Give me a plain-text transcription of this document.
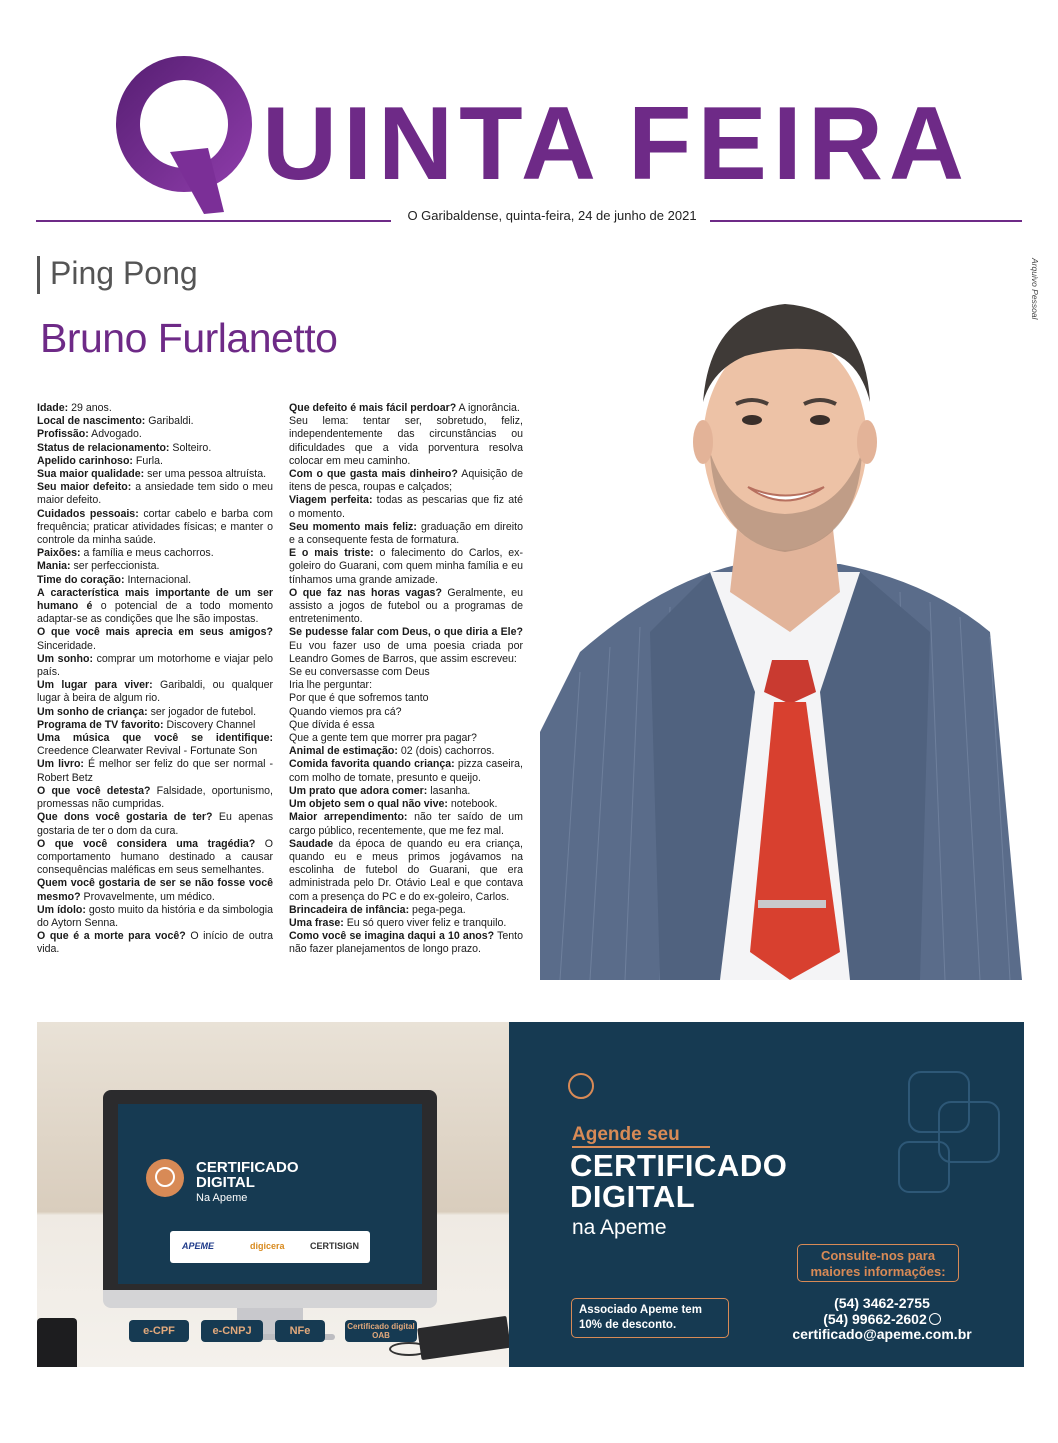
Q
UINTA FEIRA
O Garibaldense, quinta-feira, 24 de junho de 2021
Ping Pong
Bruno Furlanetto
Idade: 29 anos.
Local de nascimento: Garibaldi.
Profissão: Advogado.
Status de relacionamento: Solteiro.
Apelido carinhoso: Furla.
Sua maior qualidade: ser uma pessoa altruísta.
Seu maior defeito: a ansiedade tem sido o meu maior defeito.
Cuidados pessoais: cortar cabelo e barba com frequência; praticar atividades físicas; e manter o controle da minha saúde.
Paixões: a família e meus cachorros.
Mania: ser perfeccionista.
Time do coração: Internacional.
A característica mais importante de um ser humano é o potencial de a todo momento adaptar-se as condições que lhe são impostas.
O que você mais aprecia em seus amigos? Sinceridade.
Um sonho: comprar um motorhome e viajar pelo país.
Um lugar para viver: Garibaldi, ou qualquer lugar à beira de algum rio.
Um sonho de criança: ser jogador de futebol.
Programa de TV favorito: Discovery Channel
Uma música que você se identifique: Creedence Clearwater Revival - Fortunate Son
Um livro: É melhor ser feliz do que ser normal - Robert Betz
O que você detesta? Falsidade, oportunismo, promessas não cumpridas.
Que dons você gostaria de ter? Eu apenas gostaria de ter o dom da cura.
O que você considera uma tragédia? O comportamento humano destinado a causar consequências maléficas em seus semelhantes.
Quem você gostaria de ser se não fosse você mesmo? Provavelmente, um médico.
Um ídolo: gosto muito da história e da simbologia do Aytorn Senna.
O que é a morte para você? O início de outra vida.
Que defeito é mais fácil perdoar? A ignorância.
Seu lema: tentar ser, sobretudo, feliz, independentemente das circunstâncias ou dificuldades que a vida porventura resolva colocar em meu caminho.
Com o que gasta mais dinheiro? Aquisição de itens de pesca, roupas e calçados;
Viagem perfeita: todas as pescarias que fiz até o momento.
Seu momento mais feliz: graduação em direito e a consequente festa de formatura.
E o mais triste: o falecimento do Carlos, ex-goleiro do Guarani, com quem minha família e eu tínhamos uma grande amizade.
O que faz nas horas vagas? Geralmente, eu assisto a jogos de futebol ou a programas de entretenimento.
Se pudesse falar com Deus, o que diria a Ele? Eu vou fazer uso de uma poesia criada por Leandro Gomes de Barros, que assim escreveu:
Se eu conversasse com Deus
Iria lhe perguntar:
Por que é que sofremos tanto
Quando viemos pra cá?
Que dívida é essa
Que a gente tem que morrer pra pagar?
Animal de estimação: 02 (dois) cachorros.
Comida favorita quando criança: pizza caseira, com molho de tomate, presunto e queijo.
Um prato que adora comer: lasanha.
Um objeto sem o qual não vive: notebook.
Maior arrependimento: não ter saído de um cargo público, recentemente, que me fez mal.
Saudade da época de quando eu era criança, quando eu e meus primos jogávamos na escolinha de futebol do Guarani, que era administrada pelo Dr. Otávio Leal e que contava com a presença do PC e do ex-goleiro, Carlos.
Brincadeira de infância: pega-pega.
Uma frase: Eu só quero viver feliz e tranquilo.
Como você se imagina daqui a 10 anos? Tento não fazer planejamentos de longo prazo.
Arquivo Pessoal
CERTIFICADO
DIGITAL
Na Apeme
APEME	digicera	CERTISIGN
e-CPF	e-CNPJ	NFe	Certificado digital OAB
Agende seu
CERTIFICADO
DIGITAL
na Apeme
Consulte-nos para
maiores informações:
Associado Apeme tem
10% de desconto.
(54) 3462-2755
(54) 99662-2602
certificado@apeme.com.br
